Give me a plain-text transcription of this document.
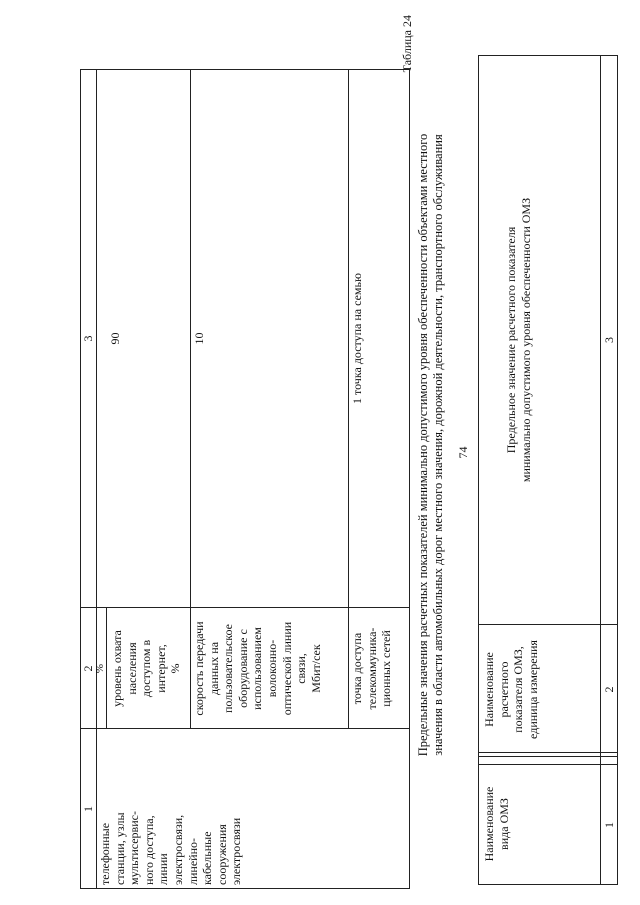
74
1
2
3
%
телефонные станции, узлы мультисервис- ного доступа, линии электросвязи, линейно- кабельные сооружения электросвязи
уровень охвата населения доступом в интернет, %
90
скорость передачи данных на пользовательское оборудование с использованием волоконно- оптической линии связи, Мбит/сек
10
точка доступа телекоммуника- ционных сетей
1 точка доступа на семью
Таблица 24
Предельные значения расчетных показателей минимально допустимого уровня обеспеченности объектами местного значения в области автомобильных дорог местного значения, дорожной деятельности, транспортного обслуживания
Наименование вида ОМЗ
Наименование расчетного показателя ОМЗ, единица измерения
Предельное значение расчетного показателя минимально допустимого уровня обеспеченности ОМЗ
1
2
3
